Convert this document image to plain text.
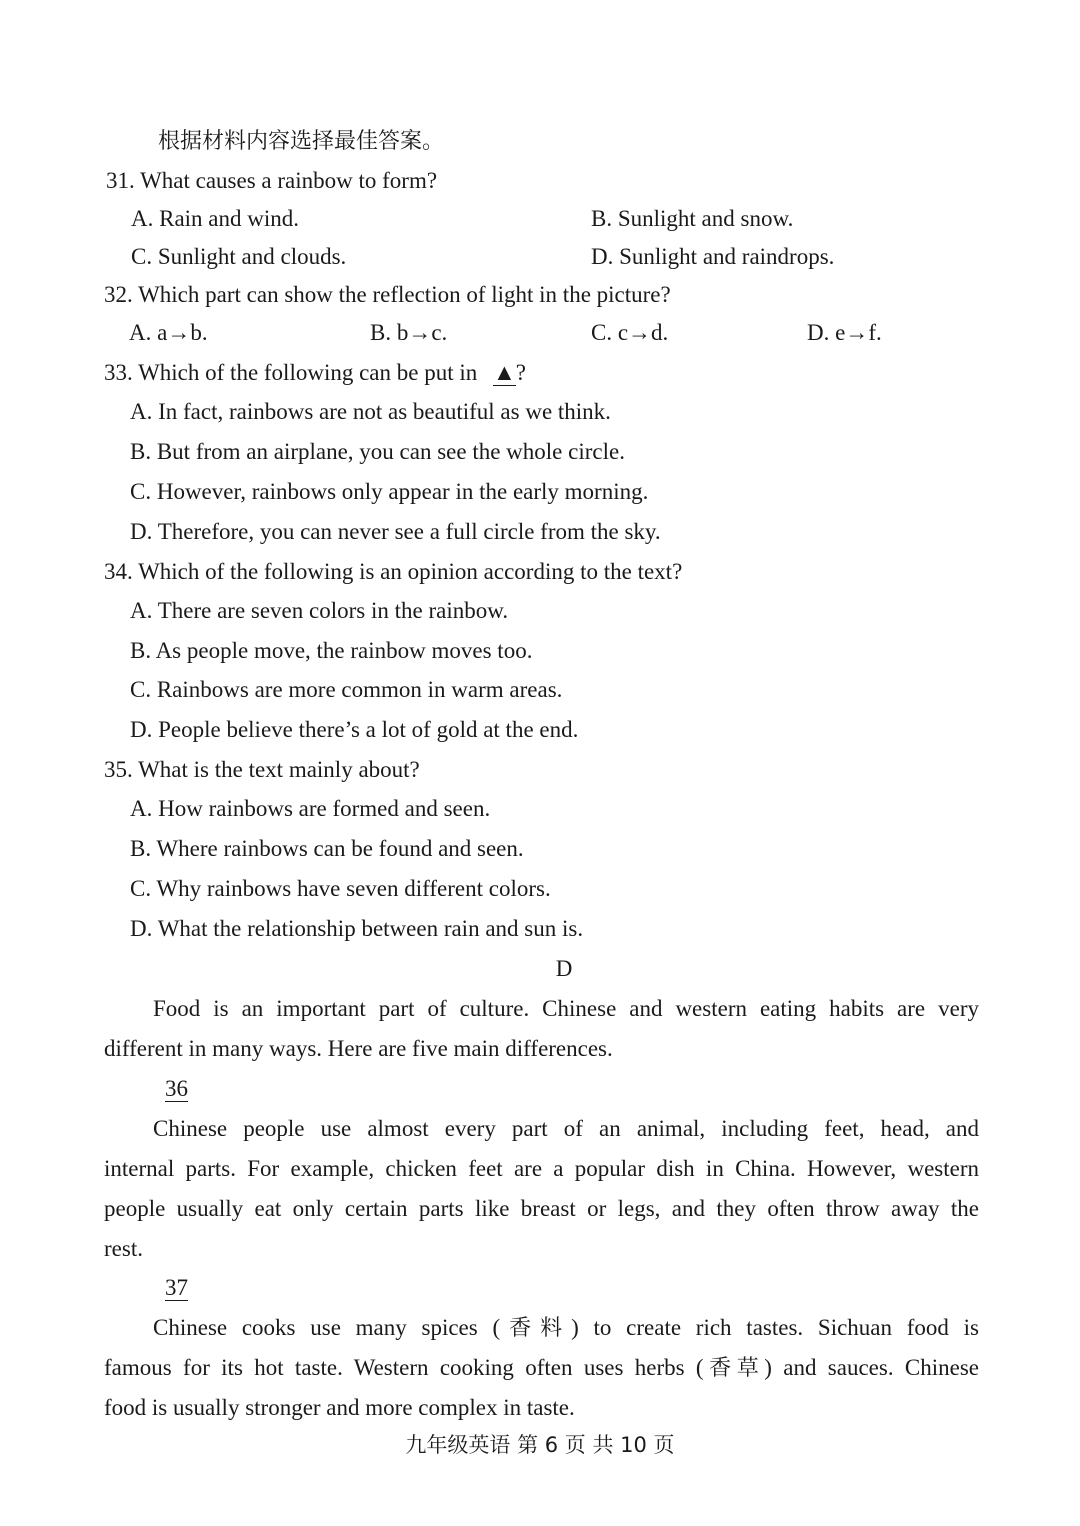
根据材料内容选择最佳答案。
31. What causes a rainbow to form?
A. Rain and wind.	B. Sunlight and snow.
C. Sunlight and clouds.	D. Sunlight and raindrops.
32. Which part can show the reflection of light in the picture?
A. a→b.	B. b→c.	C. c→d.	D. e→f.
33. Which of the following can be put in ▲?
A. In fact, rainbows are not as beautiful as we think.
B. But from an airplane, you can see the whole circle.
C. However, rainbows only appear in the early morning.
D. Therefore, you can never see a full circle from the sky.
34. Which of the following is an opinion according to the text?
A. There are seven colors in the rainbow.
B. As people move, the rainbow moves too.
C. Rainbows are more common in warm areas.
D. People believe there’s a lot of gold at the end.
35. What is the text mainly about?
A. How rainbows are formed and seen.
B. Where rainbows can be found and seen.
C. Why rainbows have seven different colors.
D. What the relationship between rain and sun is.
D
Food is an important part of culture. Chinese and western eating habits are very
different in many ways. Here are five main differences.
36
Chinese people use almost every part of an animal, including feet, head, and
internal parts. For example, chicken feet are a popular dish in China. However, western
people usually eat only certain parts like breast or legs, and they often throw away the
rest.
37
Chinese cooks use many spices (香料) to create rich tastes. Sichuan food is
famous for its hot taste. Western cooking often uses herbs (香草) and sauces. Chinese
food is usually stronger and more complex in taste.
九年级英语 第 6 页 共 10 页
